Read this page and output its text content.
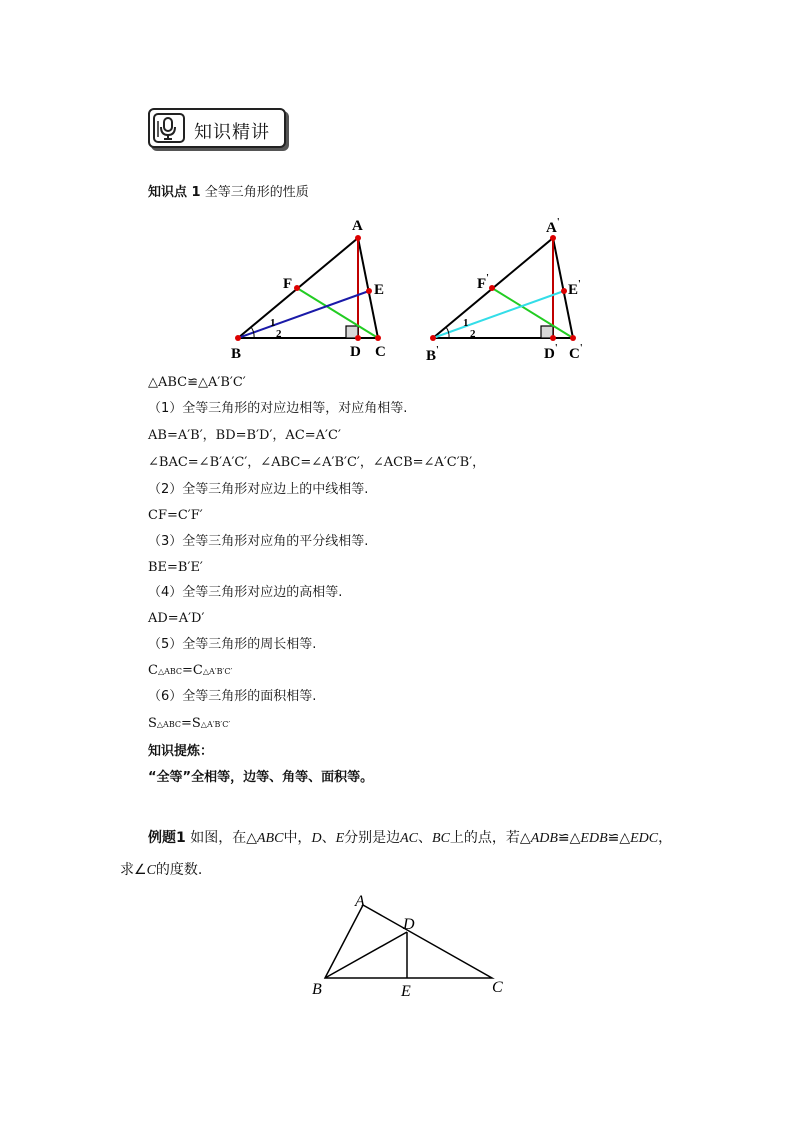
知识精讲
知识点 1 全等三角形的性质
A
B	C
D
E
F
1
2
A'
B'	C'
D'
E'
F'
1
2
△ABC≌△A′B′C′
（1）全等三角形的对应边相等，对应角相等.
AB=A′B′，BD=B′D′，AC=A′C′
∠BAC=∠B′A′C′，∠ABC=∠A′B′C′，∠ACB=∠A′C′B′，
（2）全等三角形对应边上的中线相等.
CF=C′F′
（3）全等三角形对应角的平分线相等.
BE=B′E′
（4）全等三角形对应边的高相等.
AD=A′D′
（5）全等三角形的周长相等.
C△ABC=C△A′B′C′
（6）全等三角形的面积相等.
S△ABC=S△A′B′C′
知识提炼：
“全等”全相等，边等、角等、面积等。
例题1 如图，在△ABC中，D、E分别是边AC、BC上的点，若△ADB≌△EDB≌△EDC，
求∠C的度数.
A
B	C
D
E
